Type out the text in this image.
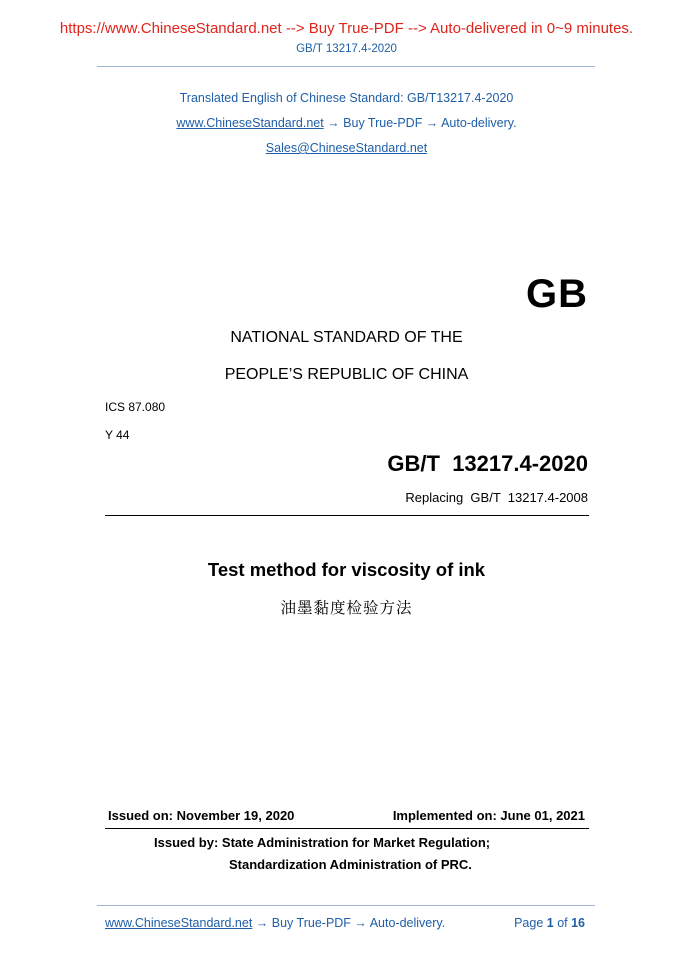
https://www.ChineseStandard.net --> Buy True-PDF --> Auto-delivered in 0~9 minutes.
GB/T 13217.4-2020
Translated English of Chinese Standard: GB/T13217.4-2020
www.ChineseStandard.net → Buy True-PDF → Auto-delivery.
Sales@ChineseStandard.net
GB
NATIONAL STANDARD OF THE
PEOPLE’S REPUBLIC OF CHINA
ICS 87.080
Y 44
GB/T  13217.4-2020
Replacing  GB/T  13217.4-2008
Test method for viscosity of ink
油墨黏度检验方法
Issued on: November 19, 2020	Implemented on: June 01, 2021
Issued by: State Administration for Market Regulation;
Standardization Administration of PRC.
www.ChineseStandard.net → Buy True-PDF → Auto-delivery.	Page 1 of 16
